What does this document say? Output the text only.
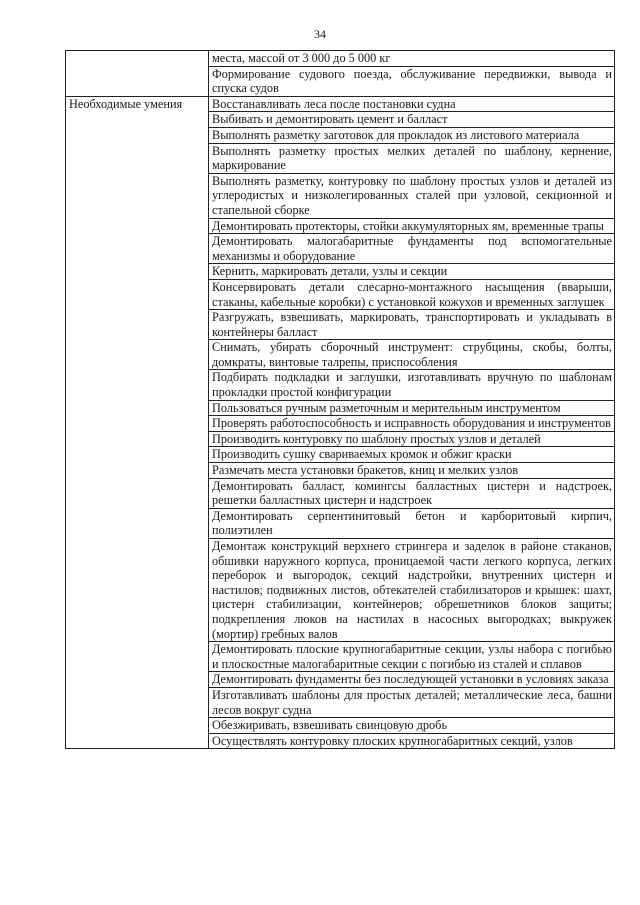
34
	места, массой от 3 000 до 5 000 кг
	Формирование судового поезда, обслуживание передвижки, вывода и спуска судов
Необходимые умения	Восстанавливать леса после постановки судна
	Выбивать и демонтировать цемент и балласт
	Выполнять разметку заготовок для прокладок из листового материала
	Выполнять разметку простых мелких деталей по шаблону, кернение, маркирование
	Выполнять разметку, контуровку по шаблону простых узлов и деталей из углеродистых и низколегированных сталей при узловой, секционной и стапельной сборке
	Демонтировать протекторы, стойки аккумуляторных ям, временные трапы
	Демонтировать малогабаритные фундаменты под вспомогательные механизмы и оборудование
	Кернить, маркировать детали, узлы и секции
	Консервировать детали слесарно-монтажного насыщения (вварыши, стаканы, кабельные коробки) с установкой кожухов и временных заглушек
	Разгружать, взвешивать, маркировать, транспортировать и укладывать в контейнеры балласт
	Снимать, убирать сборочный инструмент: струбцины, скобы, болты, домкраты, винтовые талрепы, приспособления
	Подбирать подкладки и заглушки, изготавливать вручную по шаблонам прокладки простой конфигурации
	Пользоваться ручным разметочным и мерительным инструментом
	Проверять работоспособность и исправность оборудования и инструментов
	Производить контуровку по шаблону простых узлов и деталей
	Производить сушку свариваемых кромок и обжиг краски
	Размечать места установки бракетов, книц и мелких узлов
	Демонтировать балласт, комингсы балластных цистерн и надстроек, решетки балластных цистерн и надстроек
	Демонтировать серпентинитовый бетон и карборитовый кирпич, полиэтилен
	Демонтаж конструкций верхнего стрингера и заделок в районе стаканов, обшивки наружного корпуса, проницаемой части легкого корпуса, легких переборок и выгородок, секций надстройки, внутренних цистерн и настилов; подвижных листов, обтекателей стабилизаторов и крышек: шахт, цистерн стабилизации, контейнеров; обрешетников блоков защиты; подкрепления люков на настилах в насосных выгородках; выкружек (мортир) гребных валов
	Демонтировать плоские крупногабаритные секции, узлы набора с погибью и плоскостные малогабаритные секции с погибью из сталей и сплавов
	Демонтировать фундаменты без последующей установки в условиях заказа
	Изготавливать шаблоны для простых деталей; металлические леса, башни лесов вокруг судна
	Обезжиривать, взвешивать свинцовую дробь
	Осуществлять контуровку плоских крупногабаритных секций, узлов
